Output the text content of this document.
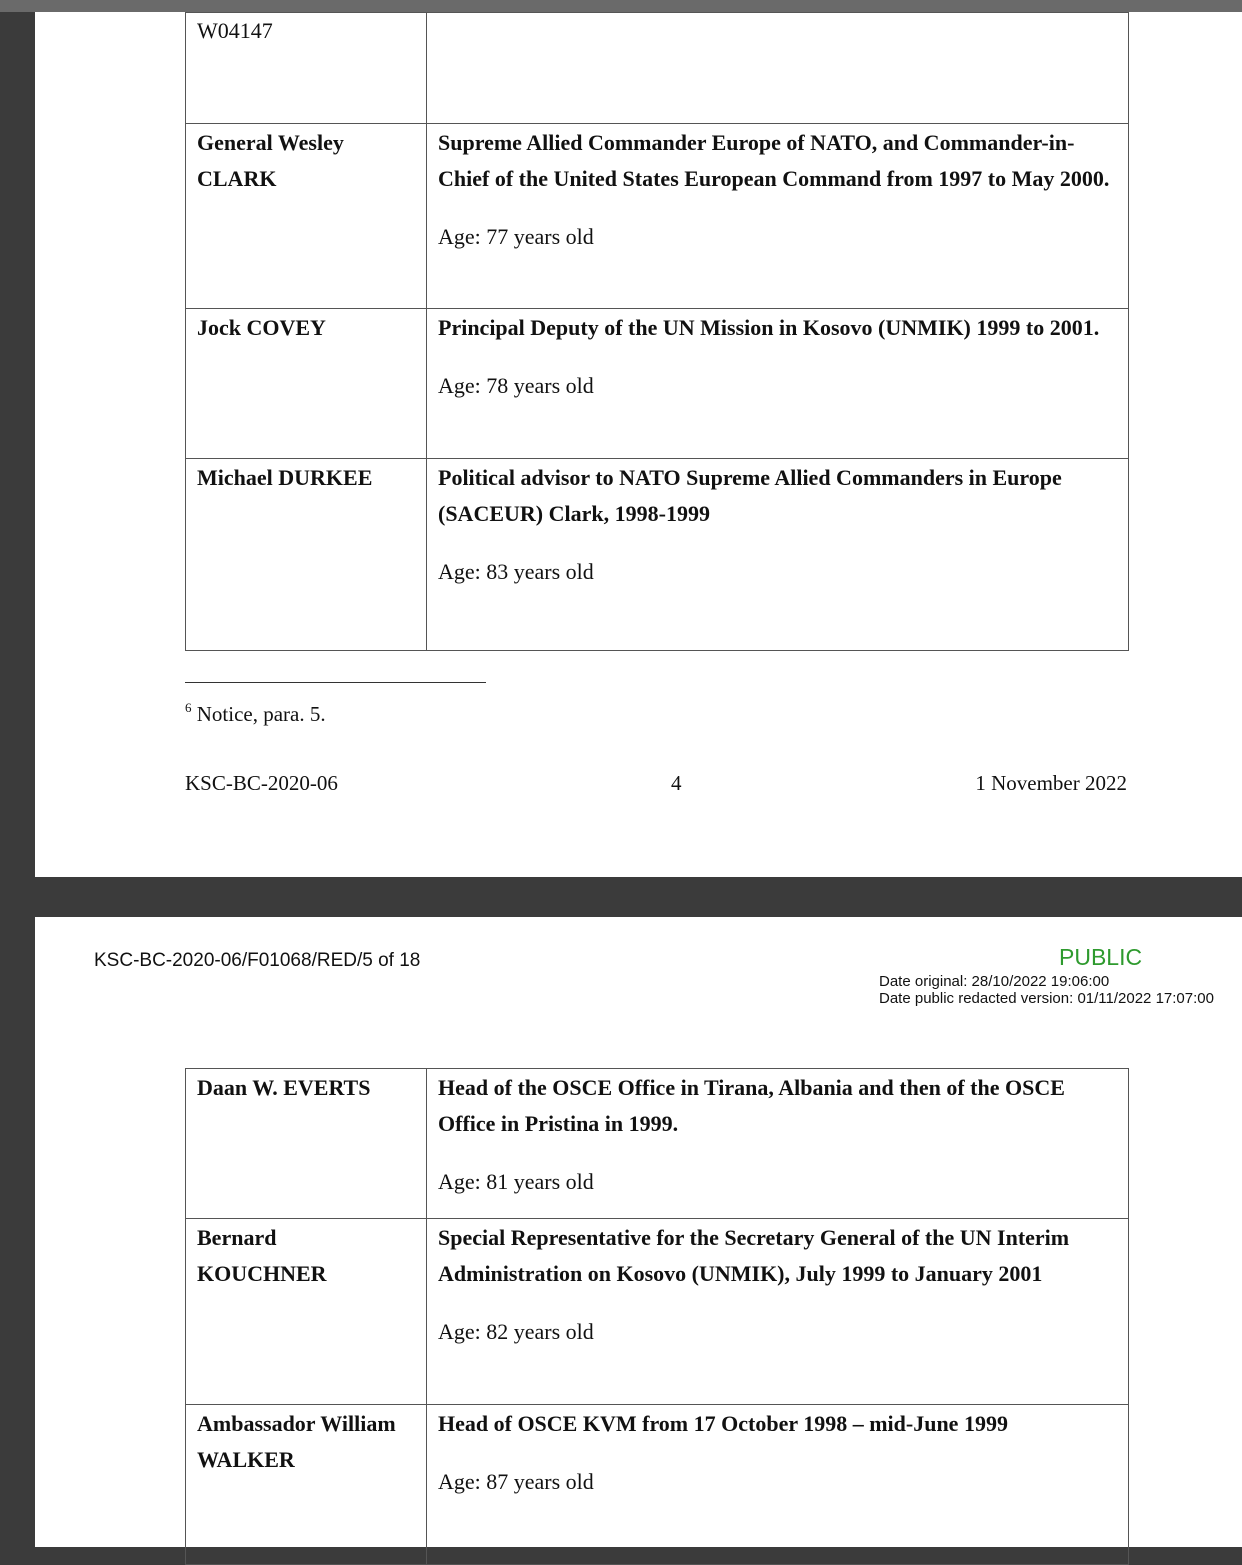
W04147	

General Wesley CLARK	Supreme Allied Commander Europe of NATO, and Commander-in-Chief of the United States European Command from 1997 to May 2000.
Age: 77 years old

Jock COVEY	Principal Deputy of the UN Mission in Kosovo (UNMIK) 1999 to 2001.
Age: 78 years old

Michael DURKEE	Political advisor to NATO Supreme Allied Commanders in Europe (SACEUR) Clark, 1998-1999
Age: 83 years old
$^6$ Notice, para. 5.
KSC-BC-2020-06	4	1 November 2022
KSC-BC-2020-06/F01068/RED/5 of 18	PUBLIC
Date original: 28/10/2022 19:06:00
Date public redacted version: 01/11/2022 17:07:00
Daan W. EVERTS	Head of the OSCE Office in Tirana, Albania and then of the OSCE Office in Pristina in 1999.
Age: 81 years old

Bernard KOUCHNER	Special Representative for the Secretary General of the UN Interim Administration on Kosovo (UNMIK), July 1999 to January 2001
Age: 82 years old

Ambassador William WALKER	Head of OSCE KVM from 17 October 1998 – mid-June 1999
Age: 87 years old
